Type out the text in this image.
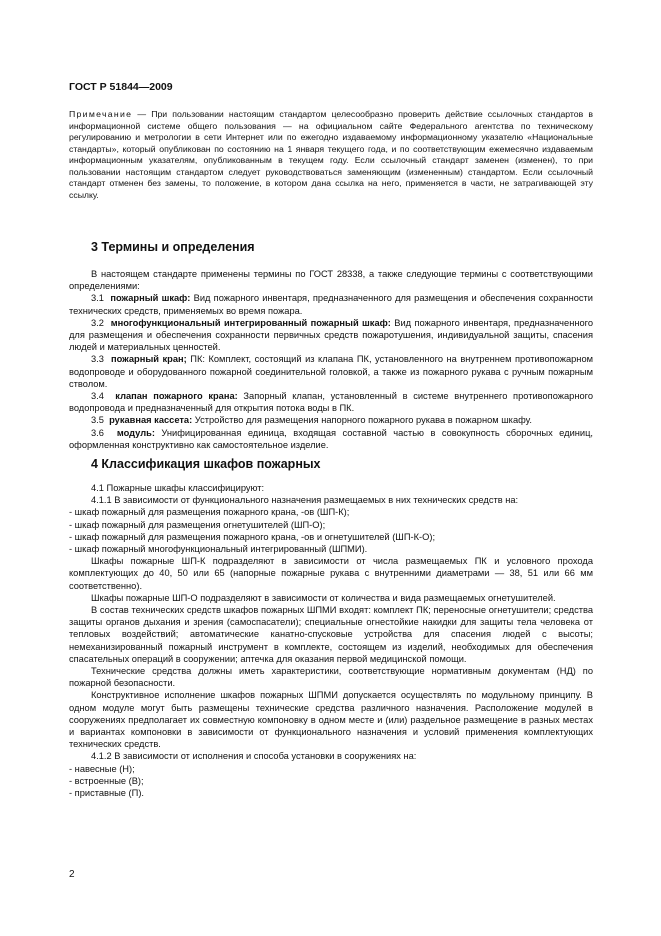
ГОСТ Р 51844—2009
Примечание — При пользовании настоящим стандартом целесообразно проверить действие ссылочных стандартов в информационной системе общего пользования — на официальном сайте Федерального агентства по техническому регулированию и метрологии в сети Интернет или по ежегодно издаваемому информационному указателю «Национальные стандарты», который опубликован по состоянию на 1 января текущего года, и по соответствующим ежемесячно издаваемым информационным указателям, опубликованным в текущем году. Если ссылочный стандарт заменен (изменен), то при пользовании настоящим стандартом следует руководствоваться заменяющим (измененным) стандартом. Если ссылочный стандарт отменен без замены, то положение, в котором дана ссылка на него, применяется в части, не затрагивающей эту ссылку.
3 Термины и определения

В настоящем стандарте применены термины по ГОСТ 28338, а также следующие термины с соответствующими определениями:

3.1 пожарный шкаф: Вид пожарного инвентаря, предназначенного для размещения и обеспечения сохранности технических средств, применяемых во время пожара.

3.2 многофункциональный интегрированный пожарный шкаф: Вид пожарного инвентаря, предназначенного для размещения и обеспечения сохранности первичных средств пожаротушения, индивидуальной защиты, спасения людей и материальных ценностей.

3.3 пожарный кран; ПК: Комплект, состоящий из клапана ПК, установленного на внутреннем противопожарном водопроводе и оборудованного пожарной соединительной головкой, а также из пожарного рукава с ручным пожарным стволом.

3.4 клапан пожарного крана: Запорный клапан, установленный в системе внутреннего противопожарного водопровода и предназначенный для открытия потока воды в ПК.

3.5 рукавная кассета: Устройство для размещения напорного пожарного рукава в пожарном шкафу.

3.6 модуль: Унифицированная единица, входящая составной частью в совокупность сборочных единиц, оформленная конструктивно как самостоятельное изделие.

4 Классификация шкафов пожарных

4.1 Пожарные шкафы классифицируют:

4.1.1 В зависимости от функционального назначения размещаемых в них технических средств на:

- шкаф пожарный для размещения пожарного крана, -ов (ШП-К);

- шкаф пожарный для размещения огнетушителей (ШП-О);

- шкаф пожарный для размещения пожарного крана, -ов и огнетушителей (ШП-К-О);

- шкаф пожарный многофункциональный интегрированный (ШПМИ).

Шкафы пожарные ШП-К подразделяют в зависимости от числа размещаемых ПК и условного прохода комплектующих до 40, 50 или 65 (напорные пожарные рукава с внутренними диаметрами — 38, 51 или 66 мм соответственно).

Шкафы пожарные ШП-О подразделяют в зависимости от количества и вида размещаемых огнетушителей.

В состав технических средств шкафов пожарных ШПМИ входят: комплект ПК; переносные огнетушители; средства защиты органов дыхания и зрения (самоспасатели); специальные огнестойкие накидки для защиты тела человека от тепловых воздействий; автоматические канатно-спусковые устройства для спасения людей с высоты; немеханизированный пожарный инструмент в комплекте, состоящем из изделий, необходимых для обеспечения спасательных операций в сооружении; аптечка для оказания первой медицинской помощи.

Технические средства должны иметь характеристики, соответствующие нормативным документам (НД) по пожарной безопасности.

Конструктивное исполнение шкафов пожарных ШПМИ допускается осуществлять по модульному принципу. В одном модуле могут быть размещены технические средства различного назначения. Расположение модулей в сооружениях предполагает их совместную компоновку в одном месте и (или) раздельное размещение в разных местах и вариантах компоновки в зависимости от функционального назначения и условий применения комплектующих технических средств.

4.1.2 В зависимости от исполнения и способа установки в сооружениях на:

- навесные (Н);

- встроенные (В);

- приставные (П).

2
